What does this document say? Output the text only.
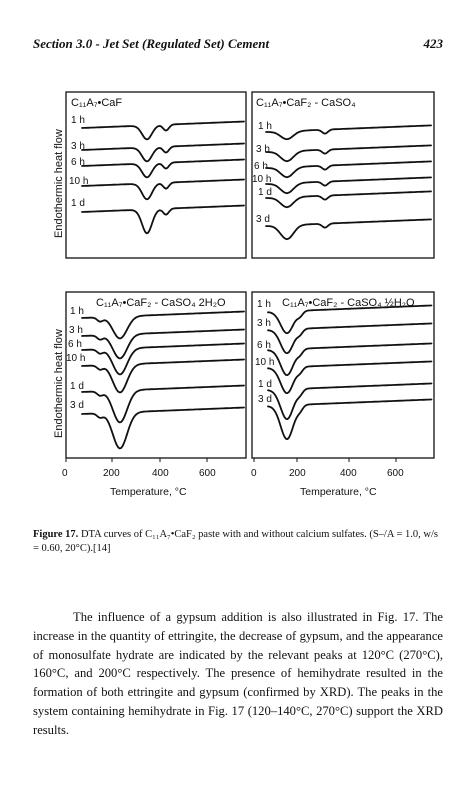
Section 3.0 - Jet Set (Regulated Set) Cement	423
C₁₁A₇•CaF	C₁₁A₇•CaF₂ - CaSO₄
C₁₁A₇•CaF₂ - CaSO₄ 2H₂O	C₁₁A₇•CaF₂ - CaSO₄ ½H₂O
1 h
3 h
6 h
10 h
1 d
1 h
3 h
6 h
10 h
1 d
3 d
1 h
3 h
6 h
10 h
1 d
3 d
1 h
3 h
6 h
10 h
1 d
3 d
Endothermic heat flow
Endothermic heat flow
0	200	400	600	0	200	400	600
Temperature, °C	Temperature, °C
Figure 17. DTA curves of C₁₁A₇•CaF₂ paste with and without calcium sulfates. (S–/A = 1.0, w/s = 0.60, 20°C).[14]

The influence of a gypsum addition is also illustrated in Fig. 17. The increase in the quantity of ettringite, the decrease of gypsum, and the appearance of monosulfate hydrate are indicated by the relevant peaks at 120°C (270°C), 160°C, and 200°C respectively. The presence of hemihydrate resulted in the formation of both ettringite and gypsum (confirmed by XRD). The peaks in the system containing hemihydrate in Fig. 17 (120–140°C, 270°C) support the XRD results.
